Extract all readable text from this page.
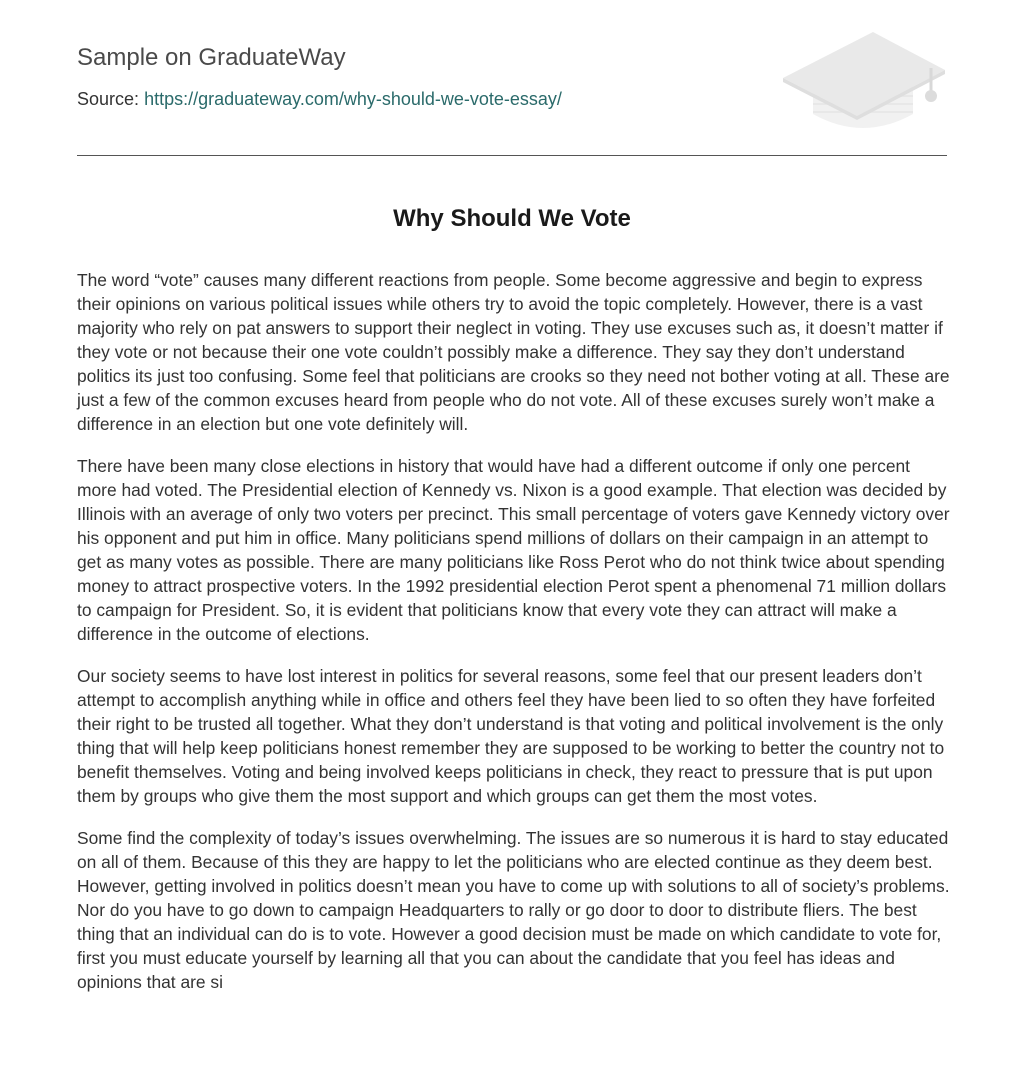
Sample on GraduateWay
Source: https://graduateway.com/why-should-we-vote-essay/
Why Should We Vote

The word “vote” causes many different reactions from people. Some become aggressive and begin to express their opinions on various political issues while others try to avoid the topic completely. However, there is a vast majority who rely on pat answers to support their neglect in voting. They use excuses such as, it doesn’t matter if they vote or not because their one vote couldn’t possibly make a difference. They say they don’t understand politics its just too confusing. Some feel that politicians are crooks so they need not bother voting at all. These are just a few of the common excuses heard from people who do not vote. All of these excuses surely won’t make a difference in an election but one vote definitely will.

There have been many close elections in history that would have had a different outcome if only one percent more had voted. The Presidential election of Kennedy vs. Nixon is a good example. That election was decided by Illinois with an average of only two voters per precinct. This small percentage of voters gave Kennedy victory over his opponent and put him in office. Many politicians spend millions of dollars on their campaign in an attempt to get as many votes as possible. There are many politicians like Ross Perot who do not think twice about spending money to attract prospective voters. In the 1992 presidential election Perot spent a phenomenal 71 million dollars to campaign for President. So, it is evident that politicians know that every vote they can attract will make a difference in the outcome of elections.

Our society seems to have lost interest in politics for several reasons, some feel that our present leaders don’t attempt to accomplish anything while in office and others feel they have been lied to so often they have forfeited their right to be trusted all together. What they don’t understand is that voting and political involvement is the only thing that will help keep politicians honest remember they are supposed to be working to better the country not to benefit themselves. Voting and being involved keeps politicians in check, they react to pressure that is put upon them by groups who give them the most support and which groups can get them the most votes.

Some find the complexity of today’s issues overwhelming. The issues are so numerous it is hard to stay educated on all of them. Because of this they are happy to let the politicians who are elected continue as they deem best. However, getting involved in politics doesn’t mean you have to come up with solutions to all of society’s problems. Nor do you have to go down to campaign Headquarters to rally or go door to door to distribute fliers. The best thing that an individual can do is to vote. However a good decision must be made on which candidate to vote for, first you must educate yourself by learning all that you can about the candidate that you feel has ideas and opinions that are si
